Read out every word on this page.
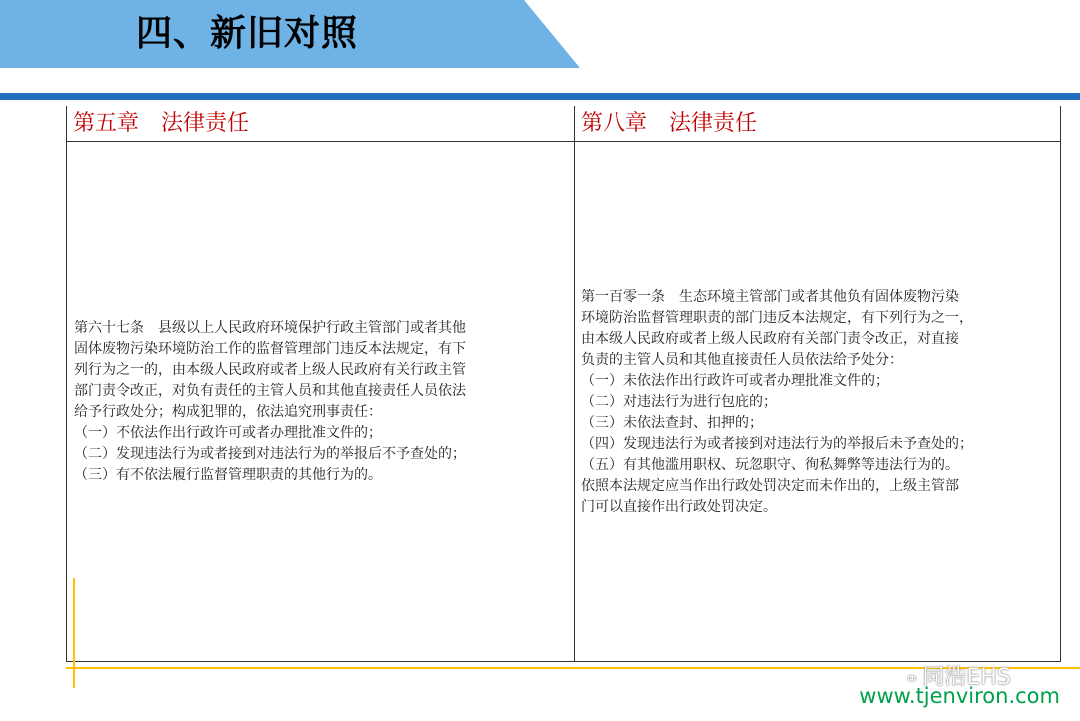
四、新旧对照
第五章　法律责任	第八章　法律责任

第六十七条　县级以上人民政府环境保护行政主管部门或者其他

固体废物污染环境防治工作的监督管理部门违反本法规定，有下

列行为之一的，由本级人民政府或者上级人民政府有关行政主管

部门责令改正，对负有责任的主管人员和其他直接责任人员依法

给予行政处分；构成犯罪的，依法追究刑事责任：

（一）不依法作出行政许可或者办理批准文件的；

（二）发现违法行为或者接到对违法行为的举报后不予查处的；

（三）有不依法履行监督管理职责的其他行为的。

第一百零一条　生态环境主管部门或者其他负有固体废物污染

环境防治监督管理职责的部门违反本法规定，有下列行为之一，

由本级人民政府或者上级人民政府有关部门责令改正，对直接

负责的主管人员和其他直接责任人员依法给予处分：

（一）未依法作出行政许可或者办理批准文件的；

（二）对违法行为进行包庇的；

（三）未依法查封、扣押的；

（四）发现违法行为或者接到对违法行为的举报后未予查处的；

（五）有其他滥用职权、玩忽职守、徇私舞弊等违法行为的。

依照本法规定应当作出行政处罚决定而未作出的，上级主管部

门可以直接作出行政处罚决定。

⚭ 同浩EHS
www.tjenviron.com
